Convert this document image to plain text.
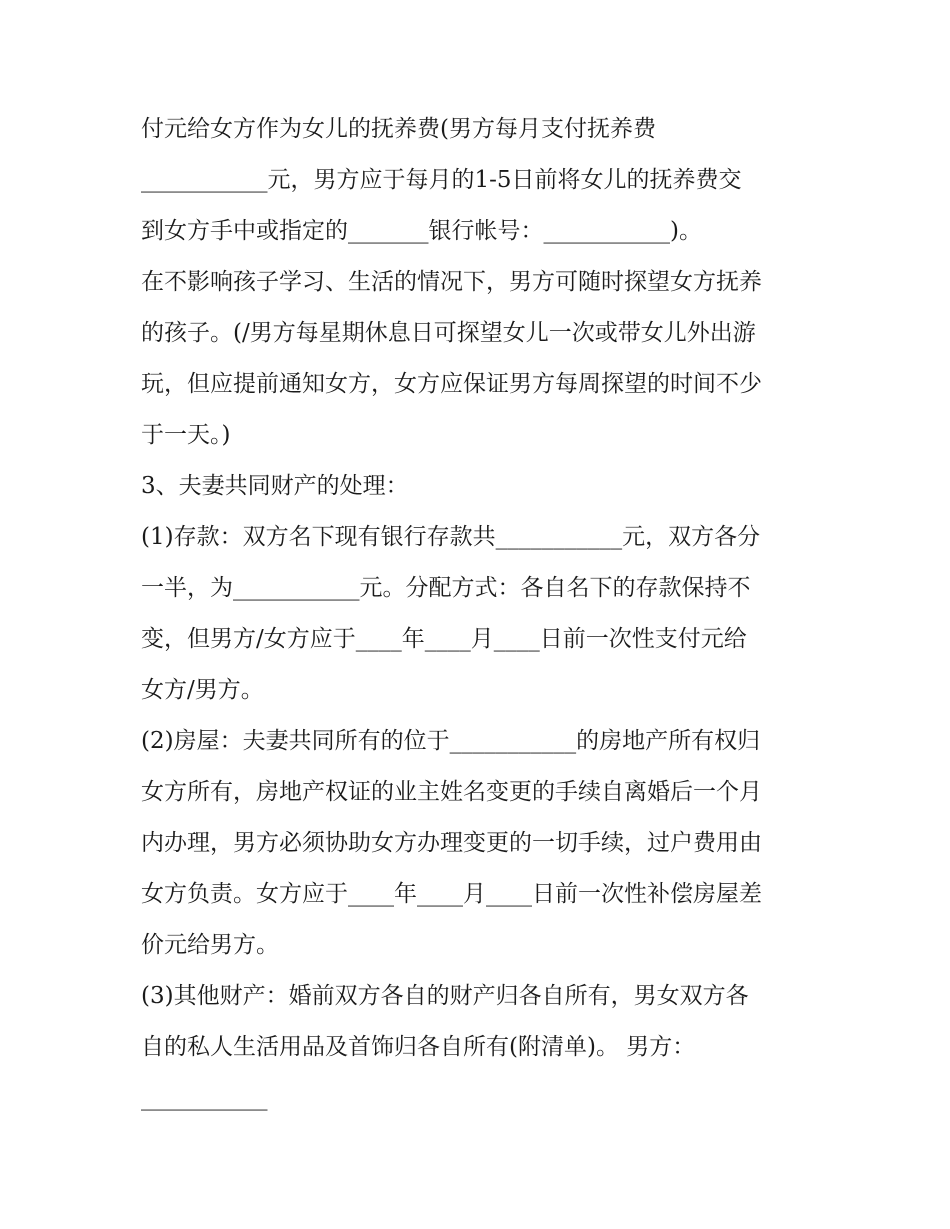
付元给女方作为女儿的抚养费(男方每月支付抚养费
___________元，男方应于每月的1-5日前将女儿的抚养费交
到女方手中或指定的_______银行帐号：___________)。
在不影响孩子学习、生活的情况下，男方可随时探望女方抚养
的孩子。(/男方每星期休息日可探望女儿一次或带女儿外出游
玩，但应提前通知女方，女方应保证男方每周探望的时间不少
于一天。)
3、夫妻共同财产的处理：
(1)存款：双方名下现有银行存款共___________元，双方各分
一半，为___________元。分配方式：各自名下的存款保持不
变，但男方/女方应于____年____月____日前一次性支付元给
女方/男方。
(2)房屋：夫妻共同所有的位于___________的房地产所有权归
女方所有，房地产权证的业主姓名变更的手续自离婚后一个月
内办理，男方必须协助女方办理变更的一切手续，过户费用由
女方负责。女方应于____年____月____日前一次性补偿房屋差
价元给男方。
(3)其他财产：婚前双方各自的财产归各自所有，男女双方各
自的私人生活用品及首饰归各自所有(附清单)。 男方：
___________
